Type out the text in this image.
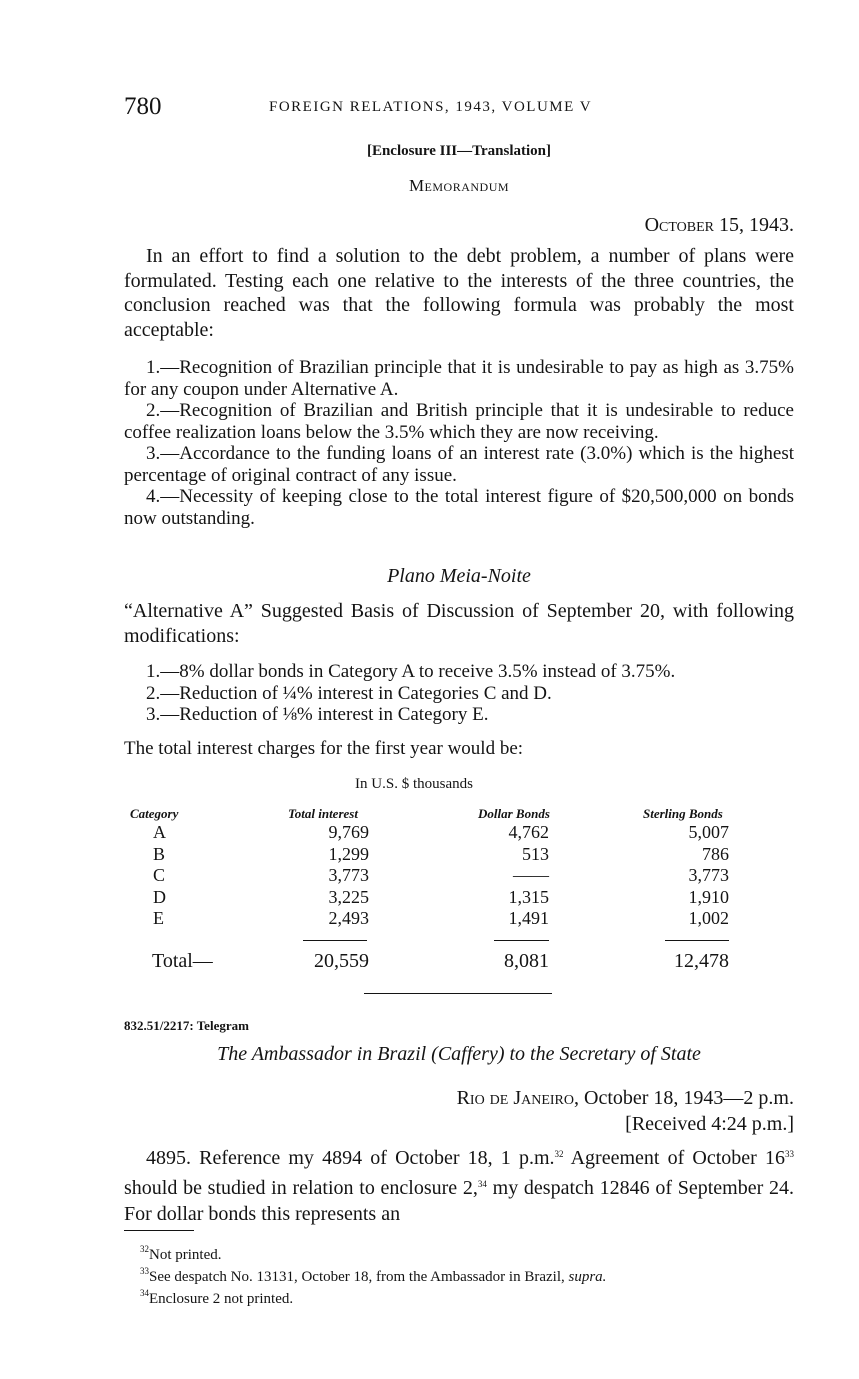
780	FOREIGN RELATIONS, 1943, VOLUME V
[Enclosure III—Translation]
Memorandum
October 15, 1943.
In an effort to find a solution to the debt problem, a number of plans were formulated. Testing each one relative to the interests of the three countries, the conclusion reached was that the following formula was probably the most acceptable:
1.—Recognition of Brazilian principle that it is undesirable to pay as high as 3.75% for any coupon under Alternative A.
2.—Recognition of Brazilian and British principle that it is undesirable to reduce coffee realization loans below the 3.5% which they are now receiving.
3.—Accordance to the funding loans of an interest rate (3.0%) which is the highest percentage of original contract of any issue.
4.—Necessity of keeping close to the total interest figure of $20,500,000 on bonds now outstanding.
Plano Meia-Noite
“Alternative A” Suggested Basis of Discussion of September 20, with following modifications:
1.—8% dollar bonds in Category A to receive 3.5% instead of 3.75%.
2.—Reduction of ¼% interest in Categories C and D.
3.—Reduction of ⅛% interest in Category E.
The total interest charges for the first year would be:
In U.S. $ thousands
Category	Total interest	Dollar Bonds	Sterling Bonds
A	9,769	4,762	5,007
B	1,299	513	786
C	3,773	——	3,773
D	3,225	1,315	1,910
E	2,493	1,491	1,002
Total—	20,559	8,081	12,478
832.51/2217: Telegram
The Ambassador in Brazil (Caffery) to the Secretary of State
Rio de Janeiro, October 18, 1943—2 p.m.
[Received 4:24 p.m.]
4895. Reference my 4894 of October 18, 1 p.m.$^{32}$ Agreement of October $16^{33}$ should be studied in relation to enclosure 2,34 my despatch 12846 of September 24. For dollar bonds this represents an
$^{32}$Not printed.
$^{33}$See despatch No. 13131, October 18, from the Ambassador in Brazil, supra.
$^{34}$Enclosure 2 not printed.
